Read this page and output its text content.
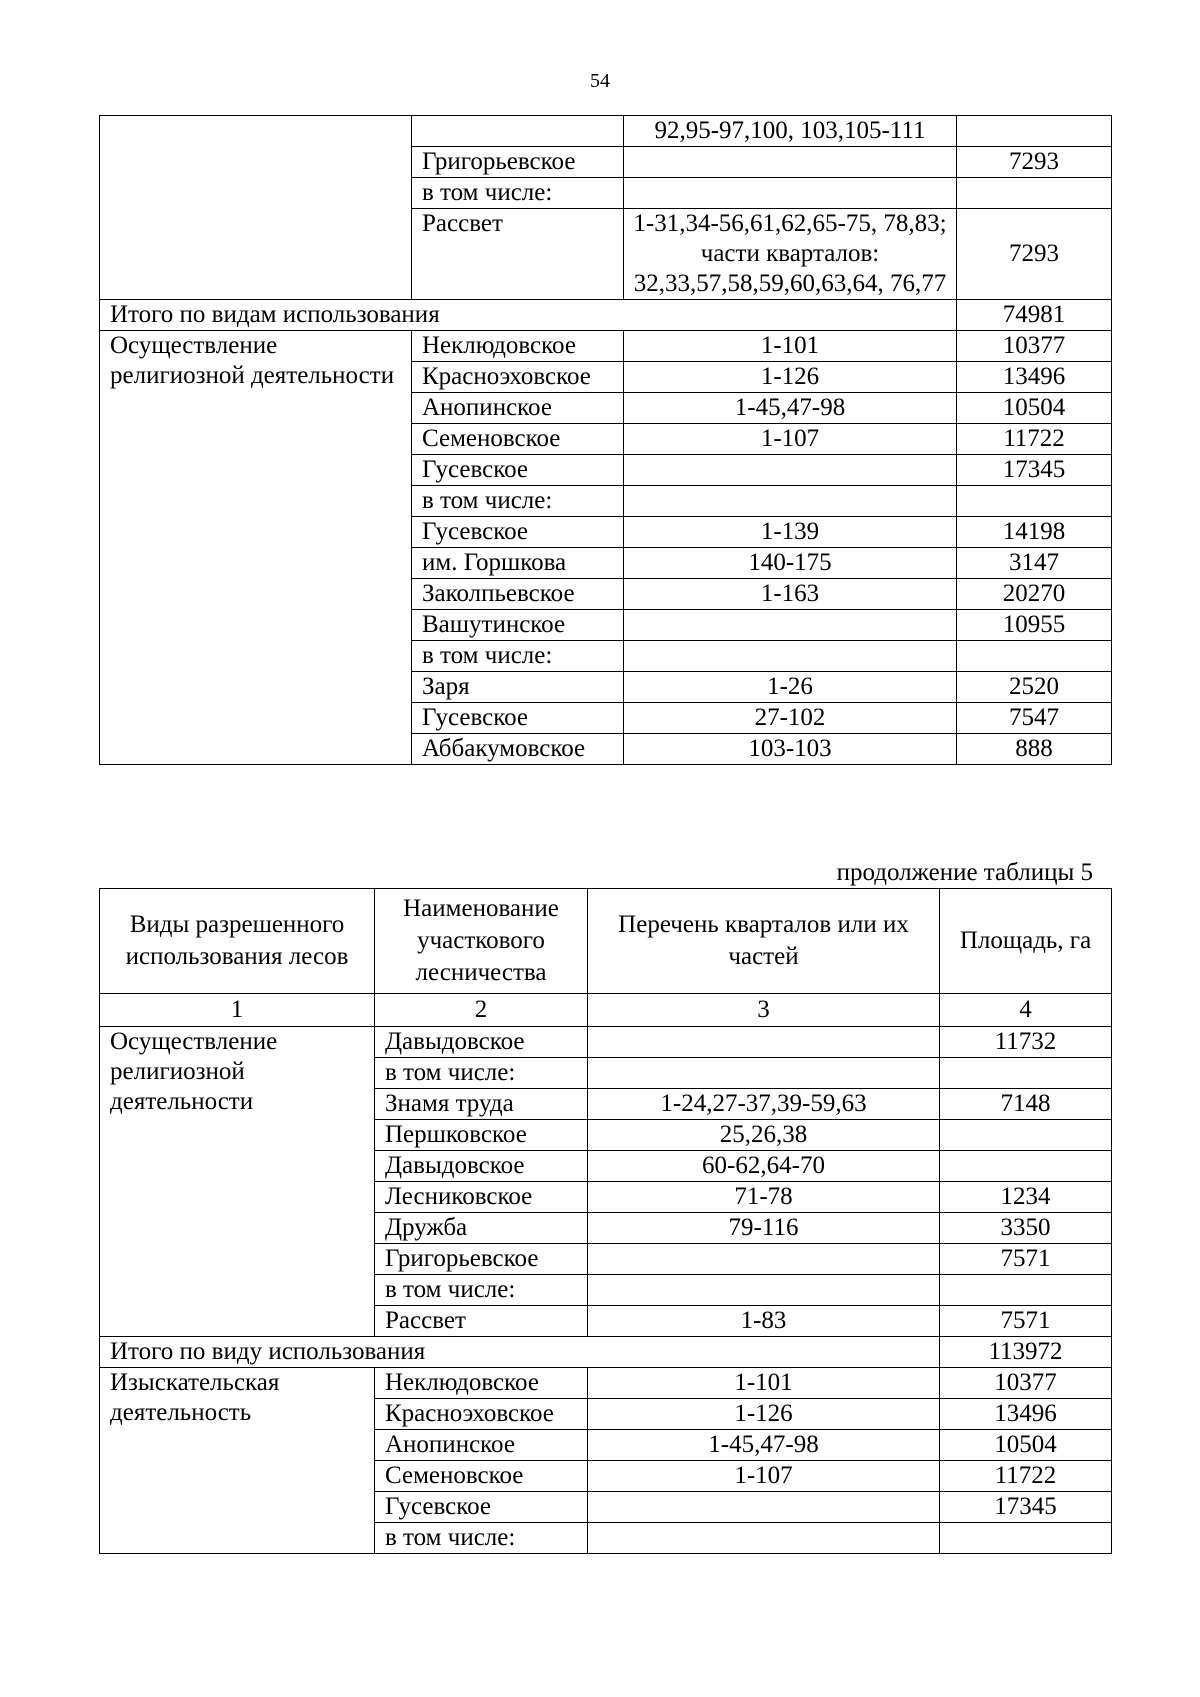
54
		92,95-97,100, 103,105-111	
	Григорьевское		7293
	в том числе:		
	Рассвет	1-31,34-56,61,62,65-75, 78,83; части кварталов: 32,33,57,58,59,60,63,64, 76,77	7293
Итого по видам использования			74981
Осуществление религиозной деятельности	Неклюдовское	1-101	10377
	Красноэховское	1-126	13496
	Анопинское	1-45,47-98	10504
	Семеновское	1-107	11722
	Гусевское		17345
	в том числе:		
	Гусевское	1-139	14198
	им. Горшкова	140-175	3147
	Заколпьевское	1-163	20270
	Вашутинское		10955
	в том числе:		
	Заря	1-26	2520
	Гусевское	27-102	7547
	Аббакумовское	103-103	888
продолжение таблицы 5
Виды разрешенного использования лесов	Наименование участкового лесничества	Перечень кварталов или их частей	Площадь, га
1	2	3	4
Осуществление религиозной деятельности	Давыдовское		11732
	в том числе:		
	Знамя труда	1-24,27-37,39-59,63	7148
	Першковское	25,26,38	
	Давыдовское	60-62,64-70	
	Лесниковское	71-78	1234
	Дружба	79-116	3350
	Григорьевское		7571
	в том числе:		
	Рассвет	1-83	7571
Итого по виду использования			113972
Изыскательская деятельность	Неклюдовское	1-101	10377
	Красноэховское	1-126	13496
	Анопинское	1-45,47-98	10504
	Семеновское	1-107	11722
	Гусевское		17345
	в том числе:		
